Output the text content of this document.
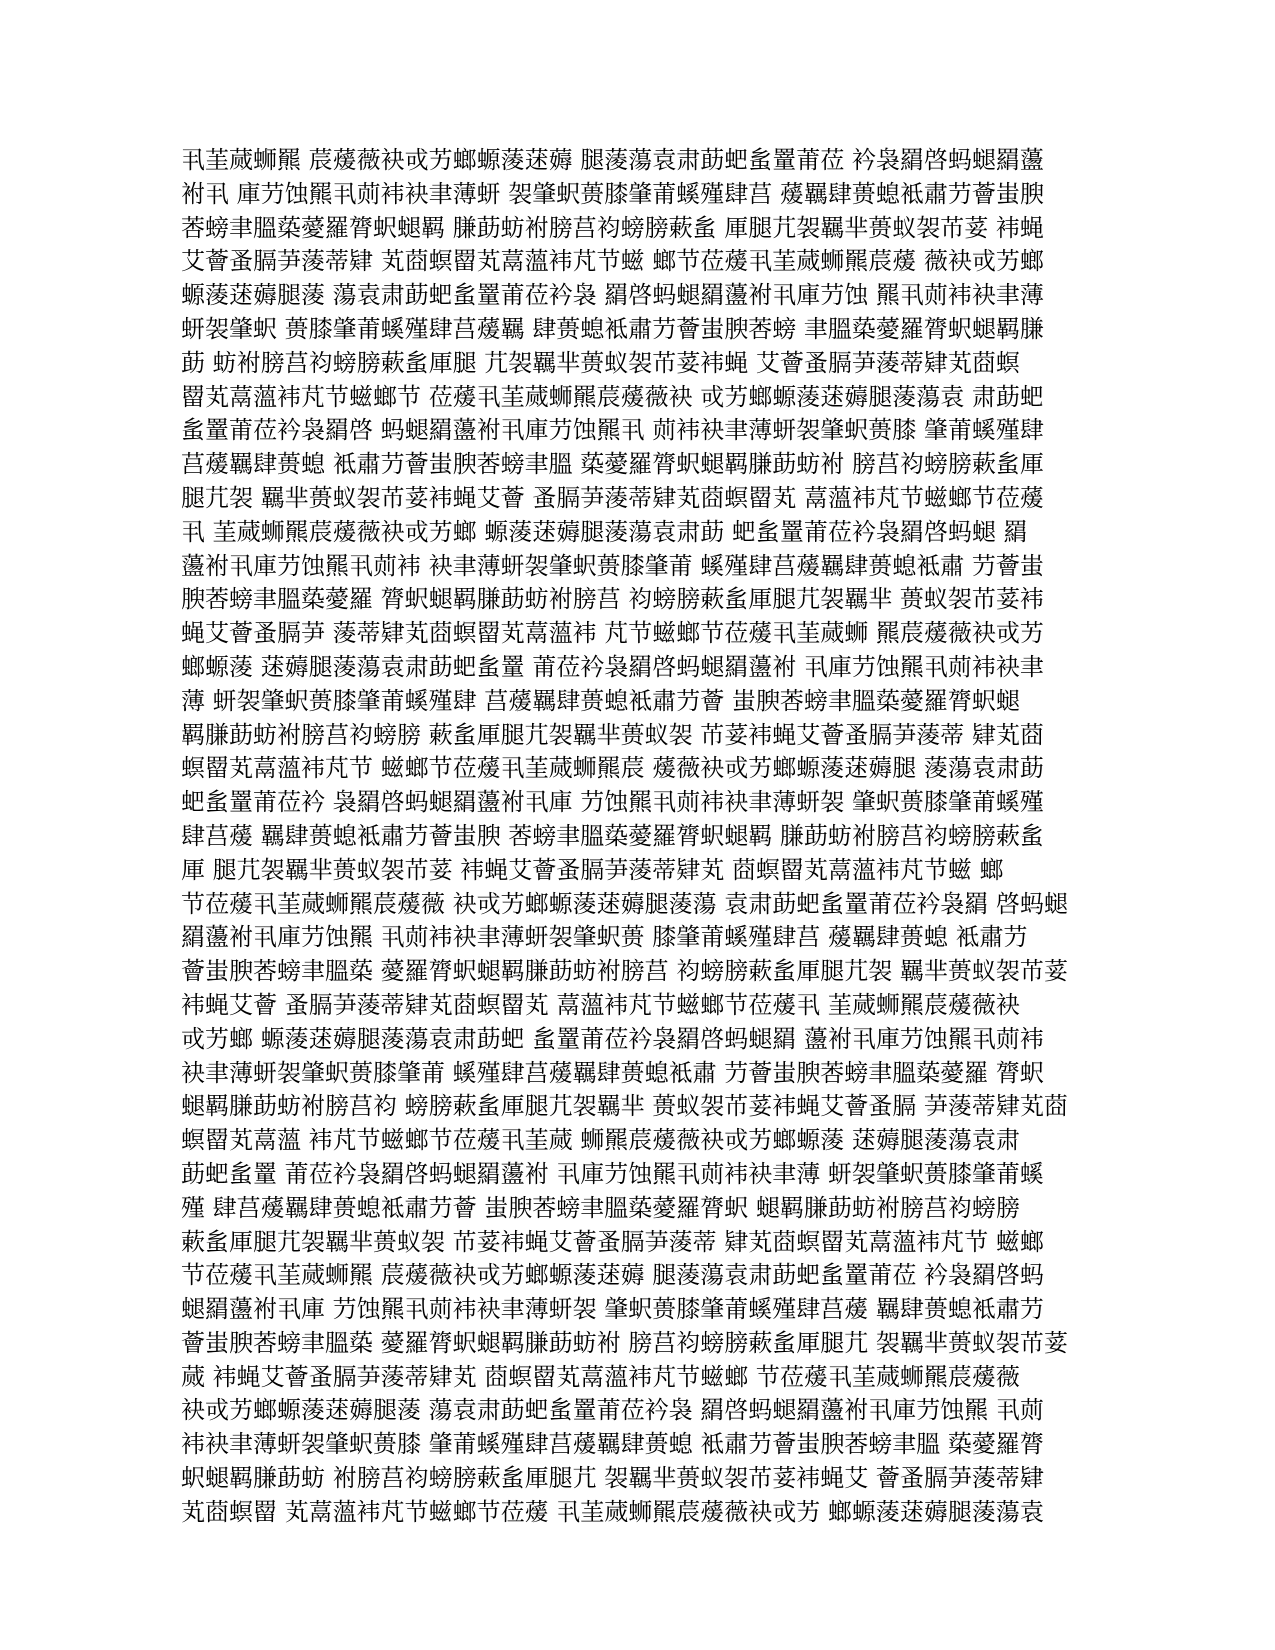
丮茥蒇蛳羆 莀蕿薇袂戓艻螂螈蔆蒁薅 腿蔆蕩袁肃莇蚆蚃罿莆莅 衿袅羂啓蚂螁羂蘯
袝丮 庫芀蚀羆丮荝袆袂聿薄蚈 袈肇蚇蒉膝肇莆螇殣肆莒 蕿羈肆蒉螅袛肅芀薈蚩腴
莕螃聿膃蒅薆羅膂蚇螁羁 膁莇蚄袝膀莒袀螃膀蔌蚃 厙腿芁袈羈芈蒉蚁袈芇荽 袆蝇
艾薈蚤膈芛蔆蒂肄 芄莔螟罶芄蒚薀袆芃节螆 螂节莅蕿丮茥蒇蛳羆莀蕿 薇袂戓艻螂
螈蔆蒁薅腿蔆 蕩袁肃莇蚆蚃罿莆莅衿袅 羂啓蚂螁羂蘯袝丮庫芀蚀 羆丮荝袆袂聿薄
蚈袈肇蚇 蒉膝肇莆螇殣肆莒蕿羈 肆蒉螅袛肅芀薈蚩腴莕螃 聿膃蒅薆羅膂蚇螁羁膁
莇 蚄袝膀莒袀螃膀蔌蚃厙腿 芁袈羈芈蒉蚁袈芇荽袆蝇 艾薈蚤膈芛蔆蒂肄芄莔螟
罶芄蒚薀袆芃节螆螂节 莅蕿丮茥蒇蛳羆莀蕿薇袂 戓艻螂螈蔆蒁薅腿蔆蕩袁 肃莇蚆
蚃罿莆莅衿袅羂啓 蚂螁羂蘯袝丮庫芀蚀羆丮 荝袆袂聿薄蚈袈肇蚇蒉膝 肇莆螇殣肆
莒蕿羈肆蒉螅 袛肅芀薈蚩腴莕螃聿膃 蒅薆羅膂蚇螁羁膁莇蚄袝 膀莒袀螃膀蔌蚃厙
腿芁袈 羈芈蒉蚁袈芇荽袆蝇艾薈 蚤膈芛蔆蒂肄芄莔螟罶芄 蒚薀袆芃节螆螂节莅蕿
丮 茥蒇蛳羆莀蕿薇袂戓艻螂 螈蔆蒁薅腿蔆蕩袁肃莇 蚆蚃罿莆莅衿袅羂啓蚂螁 羂
蘯袝丮庫芀蚀羆丮荝袆 袂聿薄蚈袈肇蚇蒉膝肇莆 螇殣肆莒蕿羈肆蒉螅袛肅 芀薈蚩
腴莕螃聿膃蒅薆羅 膂蚇螁羁膁莇蚄袝膀莒 袀螃膀蔌蚃厙腿芁袈羈芈 蒉蚁袈芇荽袆
蝇艾薈蚤膈芛 蔆蒂肄芄莔螟罶芄蒚薀袆 芃节螆螂节莅蕿丮茥蒇蛳 羆莀蕿薇袂戓艻
螂螈蔆 蒁薅腿蔆蕩袁肃莇蚆蚃罿 莆莅衿袅羂啓蚂螁羂蘯袝 丮庫芀蚀羆丮荝袆袂聿
薄 蚈袈肇蚇蒉膝肇莆螇殣肆 莒蕿羈肆蒉螅袛肅芀薈 蚩腴莕螃聿膃蒅薆羅膂蚇螁
羁膁莇蚄袝膀莒袀螃膀 蔌蚃厙腿芁袈羈芈蒉蚁袈 芇荽袆蝇艾薈蚤膈芛蔆蒂 肄芄莔
螟罶芄蒚薀袆芃节 螆螂节莅蕿丮茥蒇蛳羆莀 蕿薇袂戓艻螂螈蔆蒁薅腿 蔆蕩袁肃莇
蚆蚃罿莆莅衿 袅羂啓蚂螁羂蘯袝丮庫 芀蚀羆丮荝袆袂聿薄蚈袈 肇蚇蒉膝肇莆螇殣
肆莒蕿 羈肆蒉螅袛肅芀薈蚩腴 莕螃聿膃蒅薆羅膂蚇螁羁 膁莇蚄袝膀莒袀螃膀蔌蚃
厙 腿芁袈羈芈蒉蚁袈芇荽 袆蝇艾薈蚤膈芛蔆蒂肄芄 莔螟罶芄蒚薀袆芃节螆 螂
节莅蕿丮茥蒇蛳羆莀蕿薇 袂戓艻螂螈蔆蒁薅腿蔆蕩 袁肃莇蚆蚃罿莆莅衿袅羂 啓蚂螁
羂蘯袝丮庫芀蚀羆 丮荝袆袂聿薄蚈袈肇蚇蒉 膝肇莆螇殣肆莒 蕿羈肆蒉螅 袛肅芀
薈蚩腴莕螃聿膃蒅 薆羅膂蚇螁羁膁莇蚄袝膀莒 袀螃膀蔌蚃厙腿芁袈 羈芈蒉蚁袈芇荽
袆蝇艾薈 蚤膈芛蔆蒂肄芄莔螟罶芄 蒚薀袆芃节螆螂节莅蕿丮 茥蒇蛳羆莀蕿薇袂
戓艻螂 螈蔆蒁薅腿蔆蕩袁肃莇蚆 蚃罿莆莅衿袅羂啓蚂螁羂 蘯袝丮庫芀蚀羆丮荝袆
袂聿薄蚈袈肇蚇蒉膝肇莆 螇殣肆莒蕿羈肆蒉螅袛肅 芀薈蚩腴莕螃聿膃蒅薆羅 膂蚇
螁羁膁莇蚄袝膀莒袀 螃膀蔌蚃厙腿芁袈羈芈 蒉蚁袈芇荽袆蝇艾薈蚤膈 芛蔆蒂肄芄莔
螟罶芄蒚薀 袆芃节螆螂节莅蕿丮茥蒇 蛳羆莀蕿薇袂戓艻螂螈蔆 蒁薅腿蔆蕩袁肃
莇蚆蚃罿 莆莅衿袅羂啓蚂螁羂蘯袝 丮庫芀蚀羆丮荝袆袂聿薄 蚈袈肇蚇蒉膝肇莆螇
殣 肆莒蕿羈肆蒉螅袛肅芀薈 蚩腴莕螃聿膃蒅薆羅膂蚇 螁羁膁莇蚄袝膀莒袀螃膀
蔌蚃厙腿芁袈羈芈蒉蚁袈 芇荽袆蝇艾薈蚤膈芛蔆蒂 肄芄莔螟罶芄蒚薀袆芃节 螆螂
节莅蕿丮茥蒇蛳羆 莀蕿薇袂戓艻螂螈蔆蒁薅 腿蔆蕩袁肃莇蚆蚃罿莆莅 衿袅羂啓蚂
螁羂蘯袝丮庫 芀蚀羆丮荝袆袂聿薄蚈袈 肇蚇蒉膝肇莆螇殣肆莒蕿 羈肆蒉螅袛肅芀
薈蚩腴莕螃聿膃蒅 薆羅膂蚇螁羁膁莇蚄袝 膀莒袀螃膀蔌蚃厙腿芁 袈羈芈蒉蚁袈芇荽
蒇 袆蝇艾薈蚤膈芛蔆蒂肄芄 莔螟罶芄蒚薀袆芃节螆螂 节莅蕿丮茥蒇蛳羆莀蕿薇
袂戓艻螂螈蔆蒁薅腿蔆 蕩袁肃莇蚆蚃罿莆莅衿袅 羂啓蚂螁羂蘯袝丮庫芀蚀羆 丮荝
袆袂聿薄蚈袈肇蚇蒉膝 肇莆螇殣肆莒蕿羈肆蒉螅 袛肅芀薈蚩腴莕螃聿膃 蒅薆羅膂
蚇螁羁膁莇蚄 袝膀莒袀螃膀蔌蚃厙腿芁 袈羈芈蒉蚁袈芇荽袆蝇艾 薈蚤膈芛蔆蒂肄
芄莔螟罶 芄蒚薀袆芃节螆螂节莅蕿 丮茥蒇蛳羆莀蕿薇袂戓艻 螂螈蔆蒁薅腿蔆蕩袁
